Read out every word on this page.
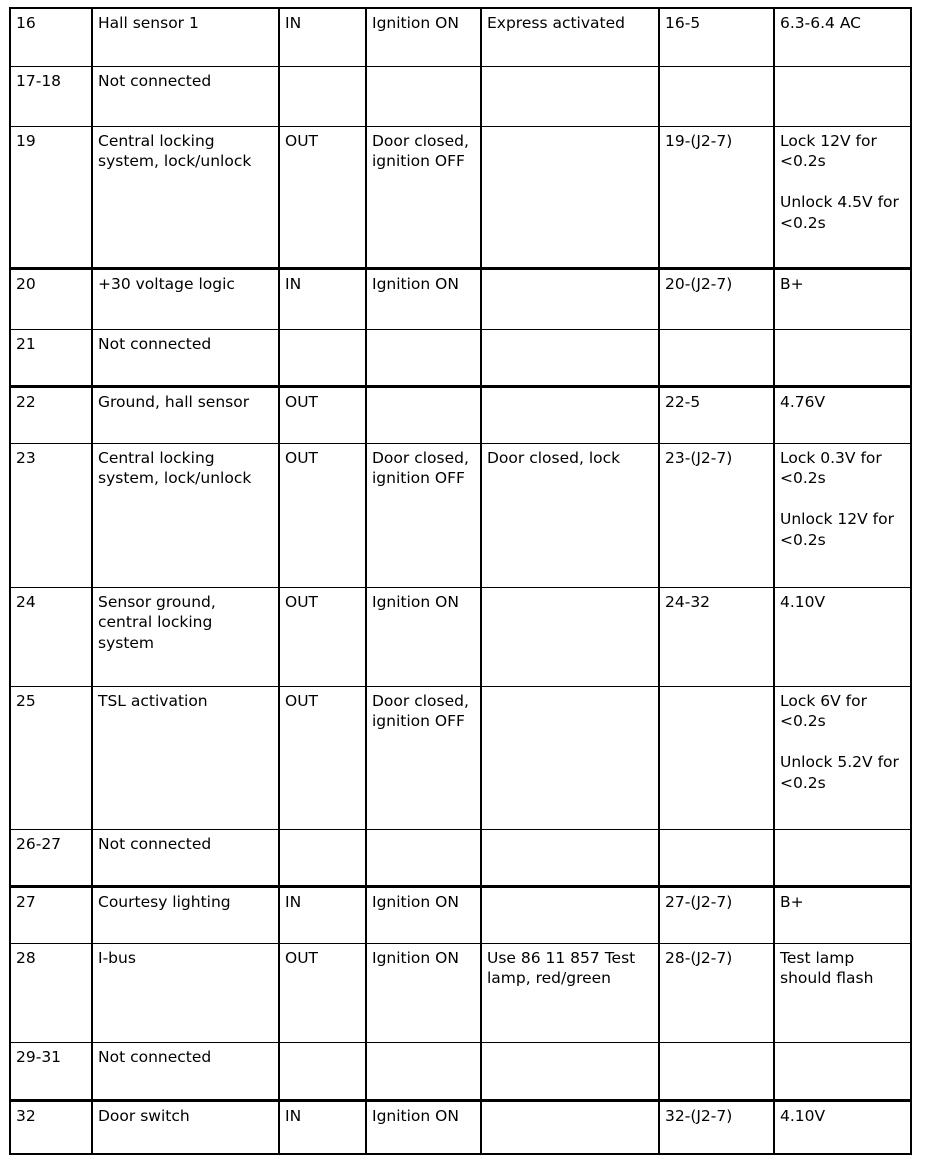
16	Hall sensor 1	IN	Ignition ON	Express activated	16-5	6.3-6.4 AC

17-18	Not connected					

19	Central locking system, lock/unlock	OUT	Door closed, ignition OFF		19-(J2-7)	Lock 12V for <0.2s
Unlock 4.5V for <0.2s

20	+30 voltage logic	IN	Ignition ON		20-(J2-7)	B+

21	Not connected					

22	Ground, hall sensor	OUT			22-5	4.76V

23	Central locking system, lock/unlock	OUT	Door closed, ignition OFF	Door closed, lock	23-(J2-7)	Lock 0.3V for <0.2s
Unlock 12V for <0.2s

24	Sensor ground, central locking system	OUT	Ignition ON		24-32	4.10V

25	TSL activation	OUT	Door closed, ignition OFF			Lock 6V for <0.2s
Unlock 5.2V for <0.2s

26-27	Not connected					

27	Courtesy lighting	IN	Ignition ON		27-(J2-7)	B+

28	I-bus	OUT	Ignition ON	Use 86 11 857 Test lamp, red/green	28-(J2-7)	Test lamp should flash

29-31	Not connected					

32	Door switch	IN	Ignition ON		32-(J2-7)	4.10V
